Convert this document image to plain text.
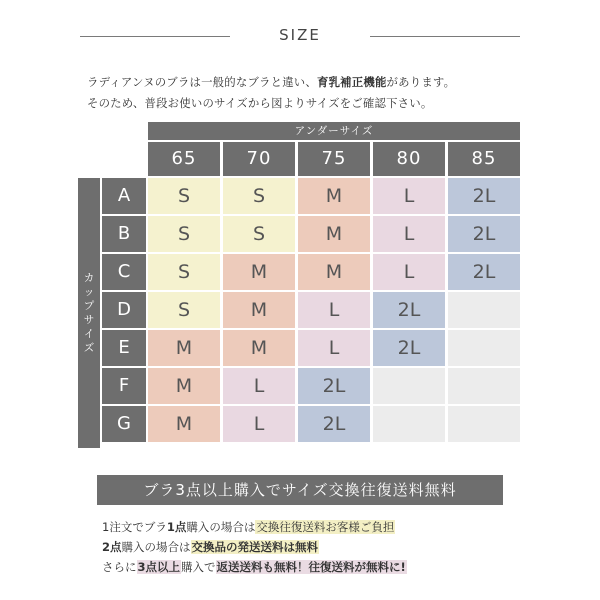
SIZE
ラディアンヌのブラは一般的なブラと違い、育乳補正機能があります。
そのため、普段お使いのサイズから図よりサイズをご確認下さい。
アンダーサイズ
65	70	75	80	85
カ
ッ
プ
サ
イ
ズ
A	S	S	M	L	2L
B	S	S	M	L	2L
C	S	M	M	L	2L
D	S	M	L	2L
E	M	M	L	2L
F	M	L	2L
G	M	L	2L
ブラ3点以上購入でサイズ交換往復送料無料
1注文でブラ1点購入の場合は交換往復送料お客様ご負担
2点購入の場合は交換品の発送送料は無料
さらに3点以上購入で返送送料も無料！往復送料が無料に!
